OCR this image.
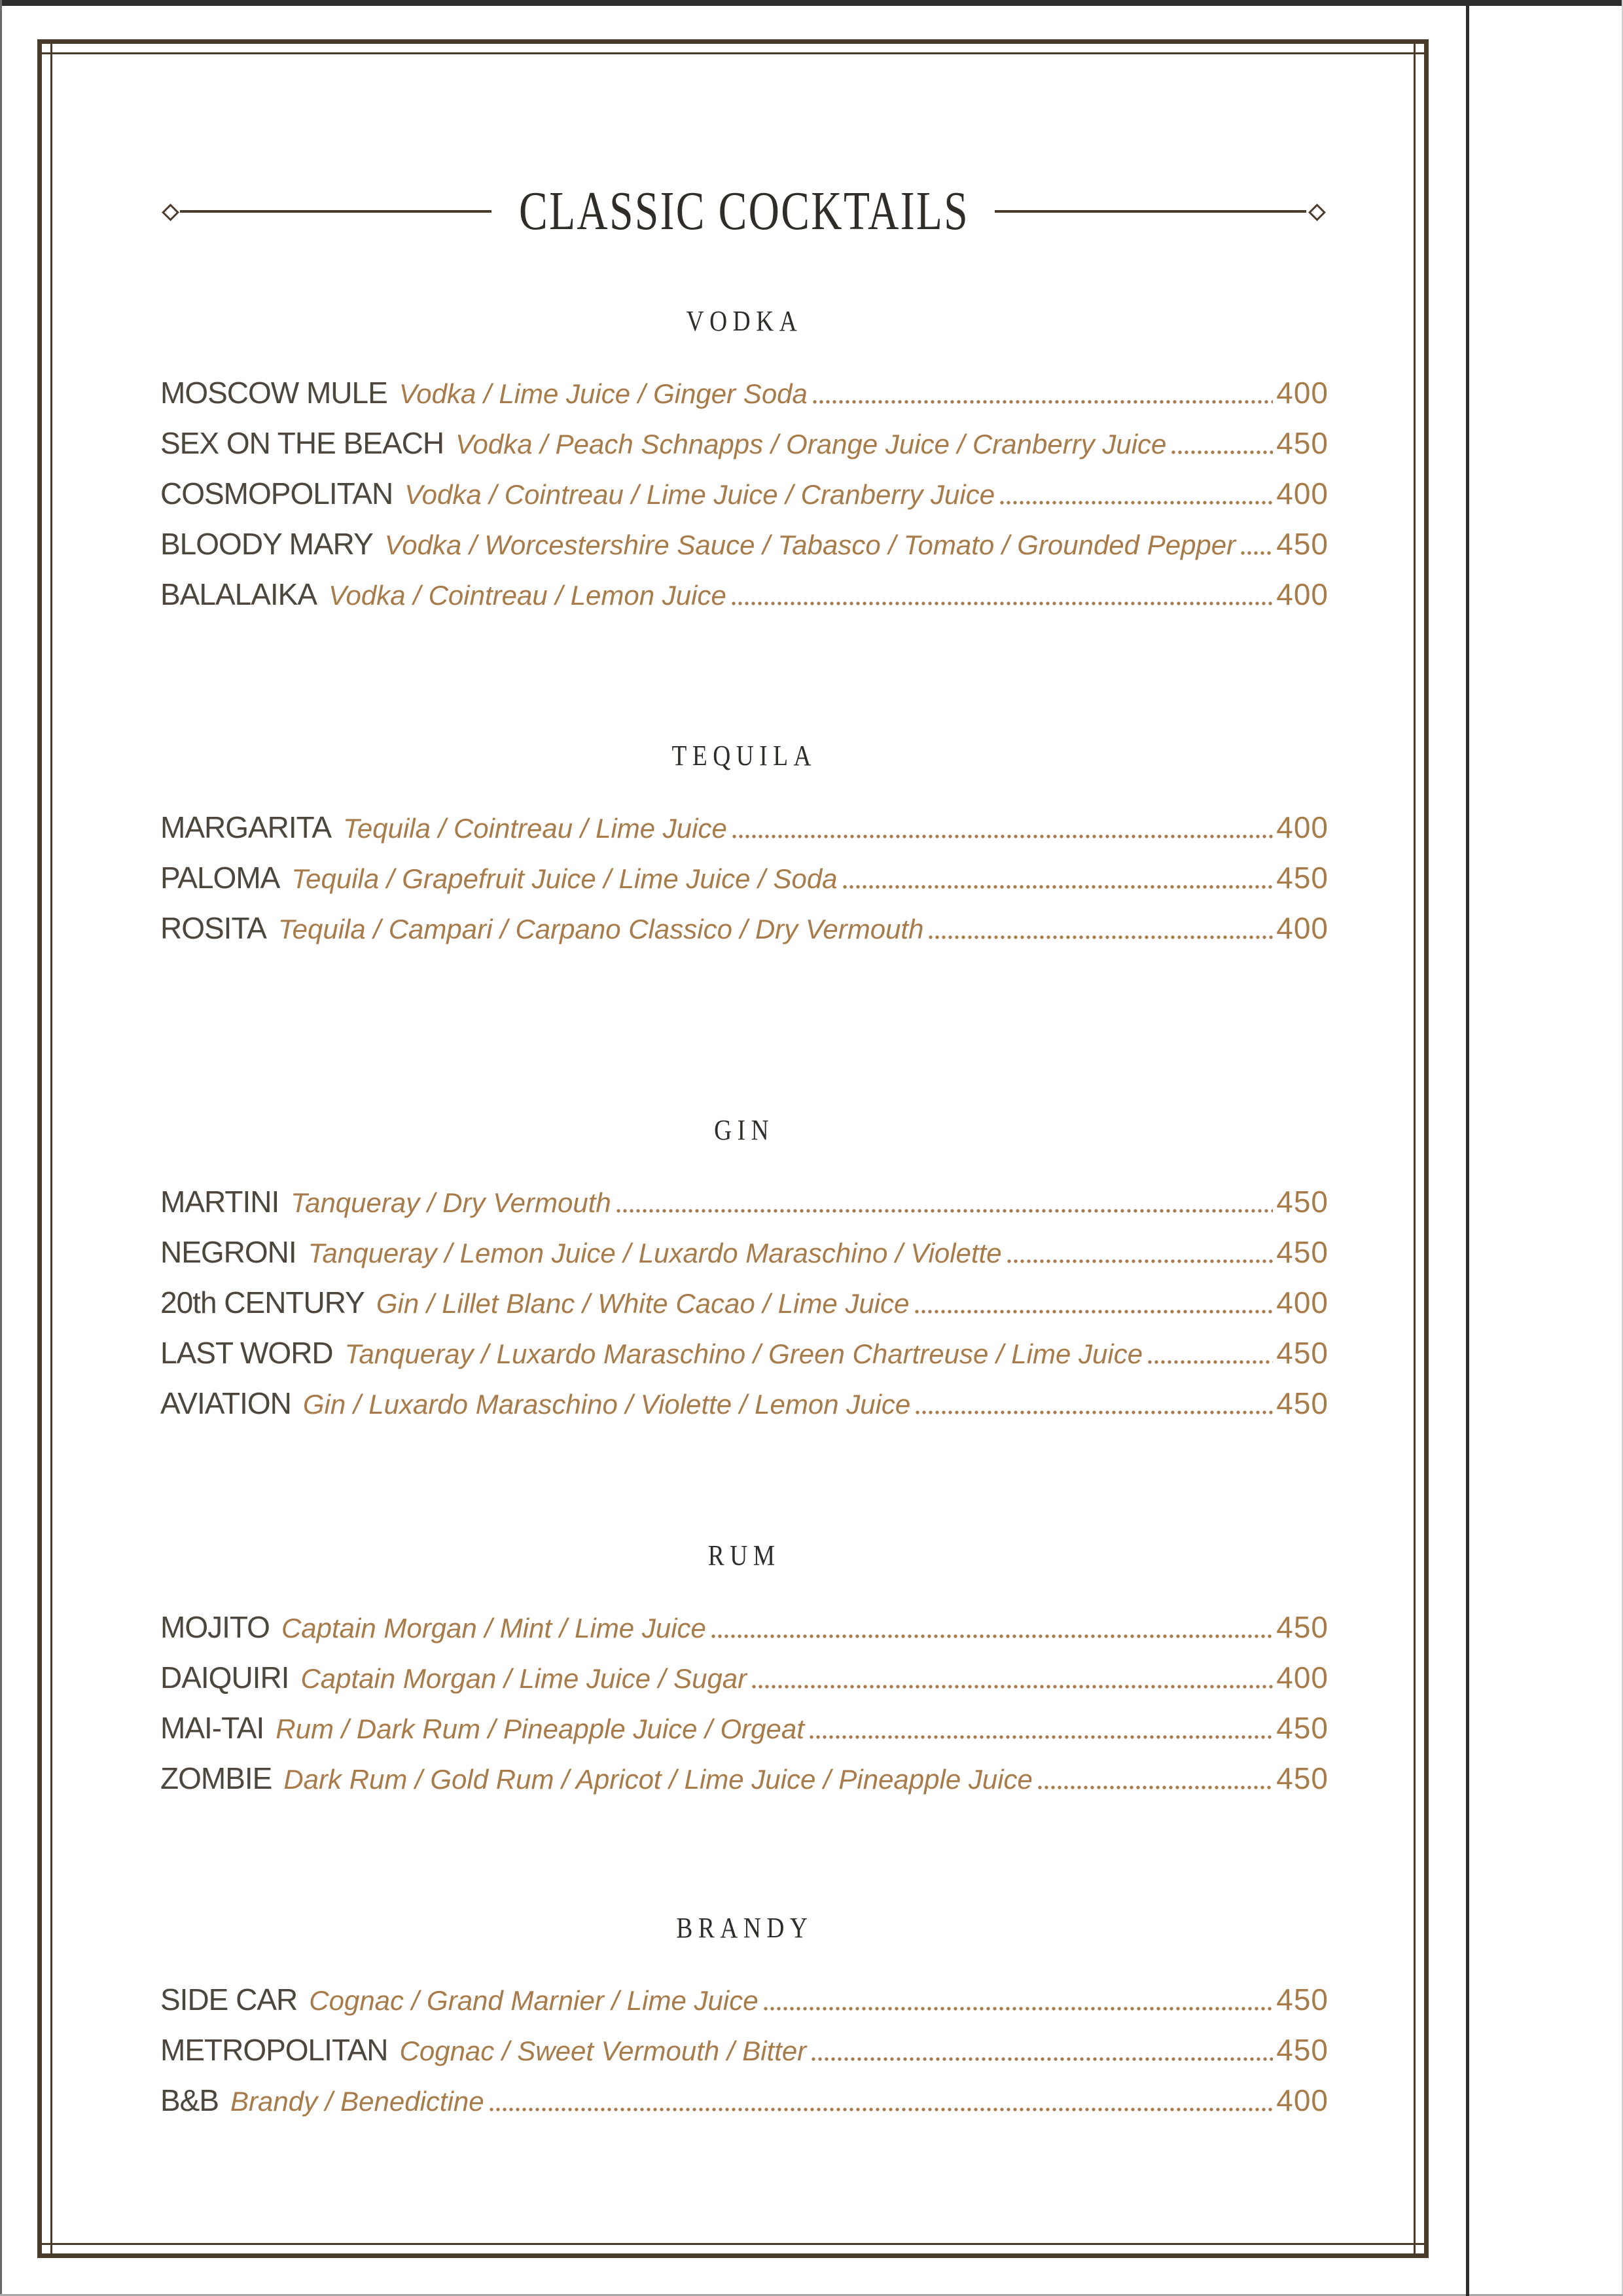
CLASSIC COCKTAILS
VODKA
MOSCOW MULE Vodka / Lime Juice / Ginger Soda	400
SEX ON THE BEACH Vodka / Peach Schnapps / Orange Juice / Cranberry Juice	450
COSMOPOLITAN Vodka / Cointreau / Lime Juice / Cranberry Juice	400
BLOODY MARY Vodka / Worcestershire Sauce / Tabasco / Tomato / Grounded Pepper 450
BALALAIKA Vodka / Cointreau / Lemon Juice	400
TEQUILA
MARGARITA Tequila / Cointreau / Lime Juice	400
PALOMA Tequila / Grapefruit Juice / Lime Juice / Soda	450
ROSITA Tequila / Campari / Carpano Classico / Dry Vermouth	400
GIN
MARTINI Tanqueray / Dry Vermouth	450
NEGRONI Tanqueray / Lemon Juice / Luxardo Maraschino / Violette	450
20th CENTURY Gin / Lillet Blanc / White Cacao / Lime Juice	400
LAST WORD Tanqueray / Luxardo Maraschino / Green Chartreuse / Lime Juice	450
AVIATION Gin / Luxardo Maraschino / Violette / Lemon Juice	450
RUM
MOJITO Captain Morgan / Mint / Lime Juice	450
DAIQUIRI Captain Morgan / Lime Juice / Sugar	400
MAI-TAI Rum / Dark Rum / Pineapple Juice / Orgeat	450
ZOMBIE Dark Rum / Gold Rum / Apricot / Lime Juice / Pineapple Juice	450
BRANDY
SIDE CAR Cognac / Grand Marnier / Lime Juice	450
METROPOLITAN Cognac / Sweet Vermouth / Bitter	450
B&B Brandy / Benedictine	400
